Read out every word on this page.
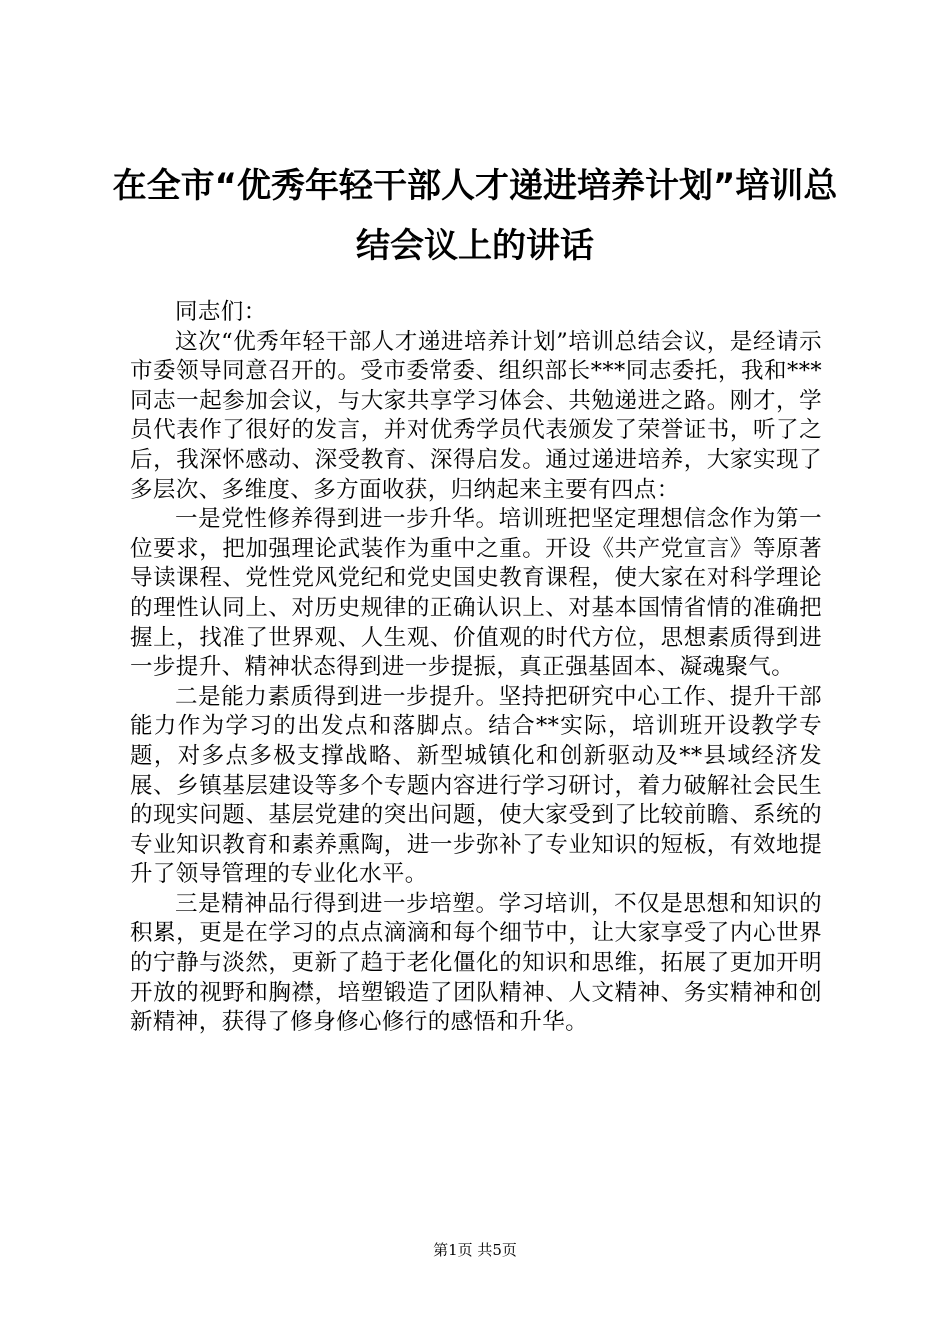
在全市“优秀年轻干部人才递进培养计划”培训总结会议上的讲话

同志们：

这次“优秀年轻干部人才递进培养计划”培训总结会议，是经请示市委领导同意召开的。受市委常委、组织部长***同志委托，我和***同志一起参加会议，与大家共享学习体会、共勉递进之路。刚才，学员代表作了很好的发言，并对优秀学员代表颁发了荣誉证书，听了之后，我深怀感动、深受教育、深得启发。通过递进培养，大家实现了多层次、多维度、多方面收获，归纳起来主要有四点：

一是党性修养得到进一步升华。培训班把坚定理想信念作为第一位要求，把加强理论武装作为重中之重。开设《共产党宣言》等原著导读课程、党性党风党纪和党史国史教育课程，使大家在对科学理论的理性认同上、对历史规律的正确认识上、对基本国情省情的准确把握上，找准了世界观、人生观、价值观的时代方位，思想素质得到进一步提升、精神状态得到进一步提振，真正强基固本、凝魂聚气。

二是能力素质得到进一步提升。坚持把研究中心工作、提升干部能力作为学习的出发点和落脚点。结合**实际，培训班开设教学专题，对多点多极支撑战略、新型城镇化和创新驱动及**县域经济发展、乡镇基层建设等多个专题内容进行学习研讨，着力破解社会民生的现实问题、基层党建的突出问题，使大家受到了比较前瞻、系统的专业知识教育和素养熏陶，进一步弥补了专业知识的短板，有效地提升了领导管理的专业化水平。

三是精神品行得到进一步培塑。学习培训，不仅是思想和知识的积累，更是在学习的点点滴滴和每个细节中，让大家享受了内心世界的宁静与淡然，更新了趋于老化僵化的知识和思维，拓展了更加开明开放的视野和胸襟，培塑锻造了团队精神、人文精神、务实精神和创新精神，获得了修身修心修行的感悟和升华。

第1页 共5页
